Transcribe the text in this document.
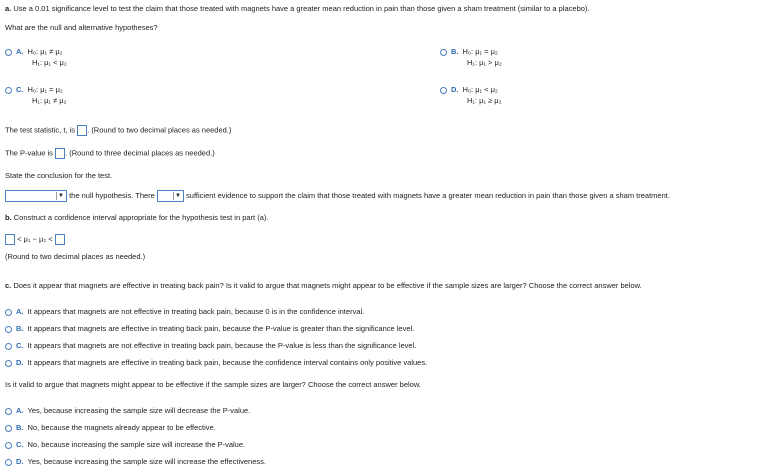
a. Use a 0.01 significance level to test the claim that those treated with magnets have a greater mean reduction in pain than those given a sham treatment (similar to a placebo).
What are the null and alternative hypotheses?
A. H₀: μ₁ ≠ μ₂
H₁: μ₁ < μ₂
B. H₀: μ₁ = μ₂
H₁: μ₁ > μ₂
C. H₀: μ₁ = μ₂
H₁: μ₁ ≠ μ₂
D. H₀: μ₁ < μ₂
H₁: μ₁ ≥ μ₂
The test statistic, t, is . (Round to two decimal places as needed.)
The P-value is . (Round to three decimal places as needed.)
State the conclusion for the test.
▼ the null hypothesis. There	▼ sufficient evidence to support the claim that those treated with magnets have a greater mean reduction in pain than those given a sham treatment.
b. Construct a confidence interval appropriate for the hypothesis test in part (a).
< μ₁ − μ₂ <
(Round to two decimal places as needed.)
c. Does it appear that magnets are effective in treating back pain? Is it valid to argue that magnets might appear to be effective if the sample sizes are larger? Choose the correct answer below.
A. It appears that magnets are not effective in treating back pain, because 0 is in the confidence interval.
B. It appears that magnets are effective in treating back pain, because the P-value is greater than the significance level.
C. It appears that magnets are not effective in treating back pain, because the P-value is less than the significance level.
D. It appears that magnets are effective in treating back pain, because the confidence interval contains only positive values.
Is it valid to argue that magnets might appear to be effective if the sample sizes are larger? Choose the correct answer below.
A. Yes, because increasing the sample size will decrease the P-value.
B. No, because the magnets already appear to be effective.
C. No, because increasing the sample size will increase the P-value.
D. Yes, because increasing the sample size will increase the effectiveness.
